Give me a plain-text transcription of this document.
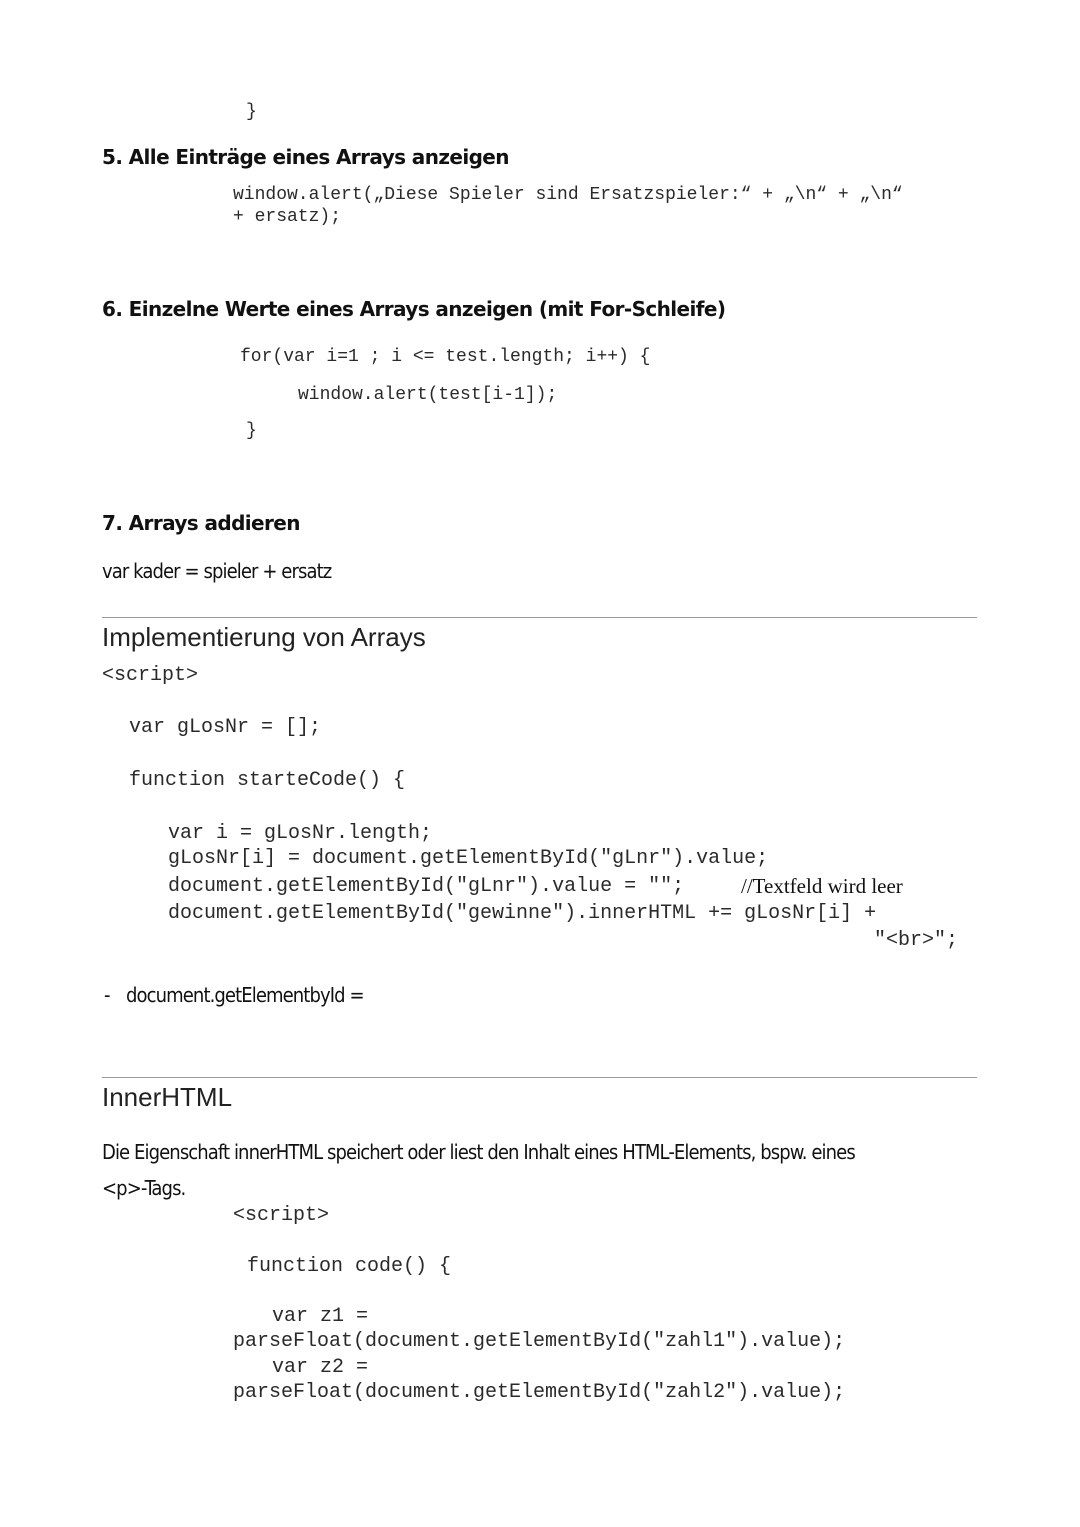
}
5. Alle Einträge eines Arrays anzeigen
window.alert(„Diese Spieler sind Ersatzspieler:“ + „\n“ + „\n“
+ ersatz);
6. Einzelne Werte eines Arrays anzeigen (mit For-Schleife)
for(var i=1 ; i <= test.length; i++) {
window.alert(test[i-1]);
}
7. Arrays addieren
var kader = spieler + ersatz
Implementierung von Arrays
<script>
var gLosNr = [];
function starteCode() {
var i = gLosNr.length;
gLosNr[i] = document.getElementById("gLnr").value;
document.getElementById("gLnr").value = "";	//Textfeld wird leer
document.getElementById("gewinne").innerHTML += gLosNr[i] +
"<br>";
- document.getElementbyId =
InnerHTML
Die Eigenschaft innerHTML speichert oder liest den Inhalt eines HTML-Elements, bspw. eines
<p>-Tags.
<script>
function code() {
var z1 =
parseFloat(document.getElementById("zahl1").value);
var z2 =
parseFloat(document.getElementById("zahl2").value);
